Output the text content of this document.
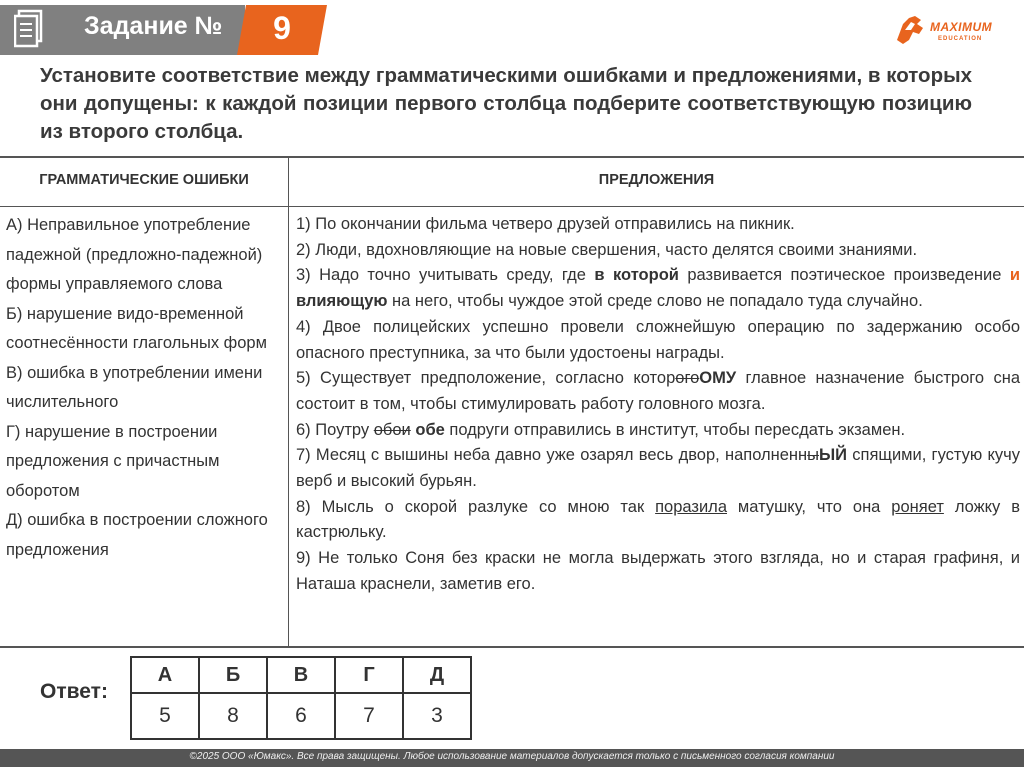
Задание №	9	MAXIMUM
EDUCATION
Установите соответствие между грамматическими ошибками и предложениями, в которых они допущены: к каждой позиции первого столбца подберите соответствующую позицию из второго столбца.
ГРАММАТИЧЕСКИЕ ОШИБКИ	ПРЕДЛОЖЕНИЯ
А) Неправильное употребление падежной (предложно-падежной) формы управляемого слова
Б) нарушение видо-временной соотнесённости глагольных форм
В) ошибка в употреблении имени числительного
Г) нарушение в построении предложения с причастным оборотом
Д) ошибка в построении сложного предложения

1) По окончании фильма четверо друзей отправились на пикник.

2) Люди, вдохновляющие на новые свершения, часто делятся своими знаниями.

3) Надо точно учитывать среду, где в которой развивается поэтическое произведение и влияющую на него, чтобы чуждое этой среде слово не попадало туда случайно.

4) Двое полицейских успешно провели сложнейшую операцию по задержанию особо опасного преступника, за что были удостоены награды.

5) Существует предположение, согласно которогоОМУ главное назначение быстрого сна состоит в том, чтобы стимулировать работу головного мозга.

6) Поутру обои обе подруги отправились в институт, чтобы пересдать экзамен.

7) Месяц с вышины неба давно уже озарял весь двор, наполненныЫЙ спящими, густую кучу верб и высокий бурьян.

8) Мысль о скорой разлуке со мною так поразила матушку, что она роняет ложку в кастрюльку.

9) Не только Соня без краски не могла выдержать этого взгляда, но и старая графиня, и Наташа краснели, заметив его.

Ответ:
А	Б	В	Г	Д
5	8	6	7	3
©2025 ООО «Юмакс». Все права защищены. Любое использование материалов допускается только с письменного согласия компании
